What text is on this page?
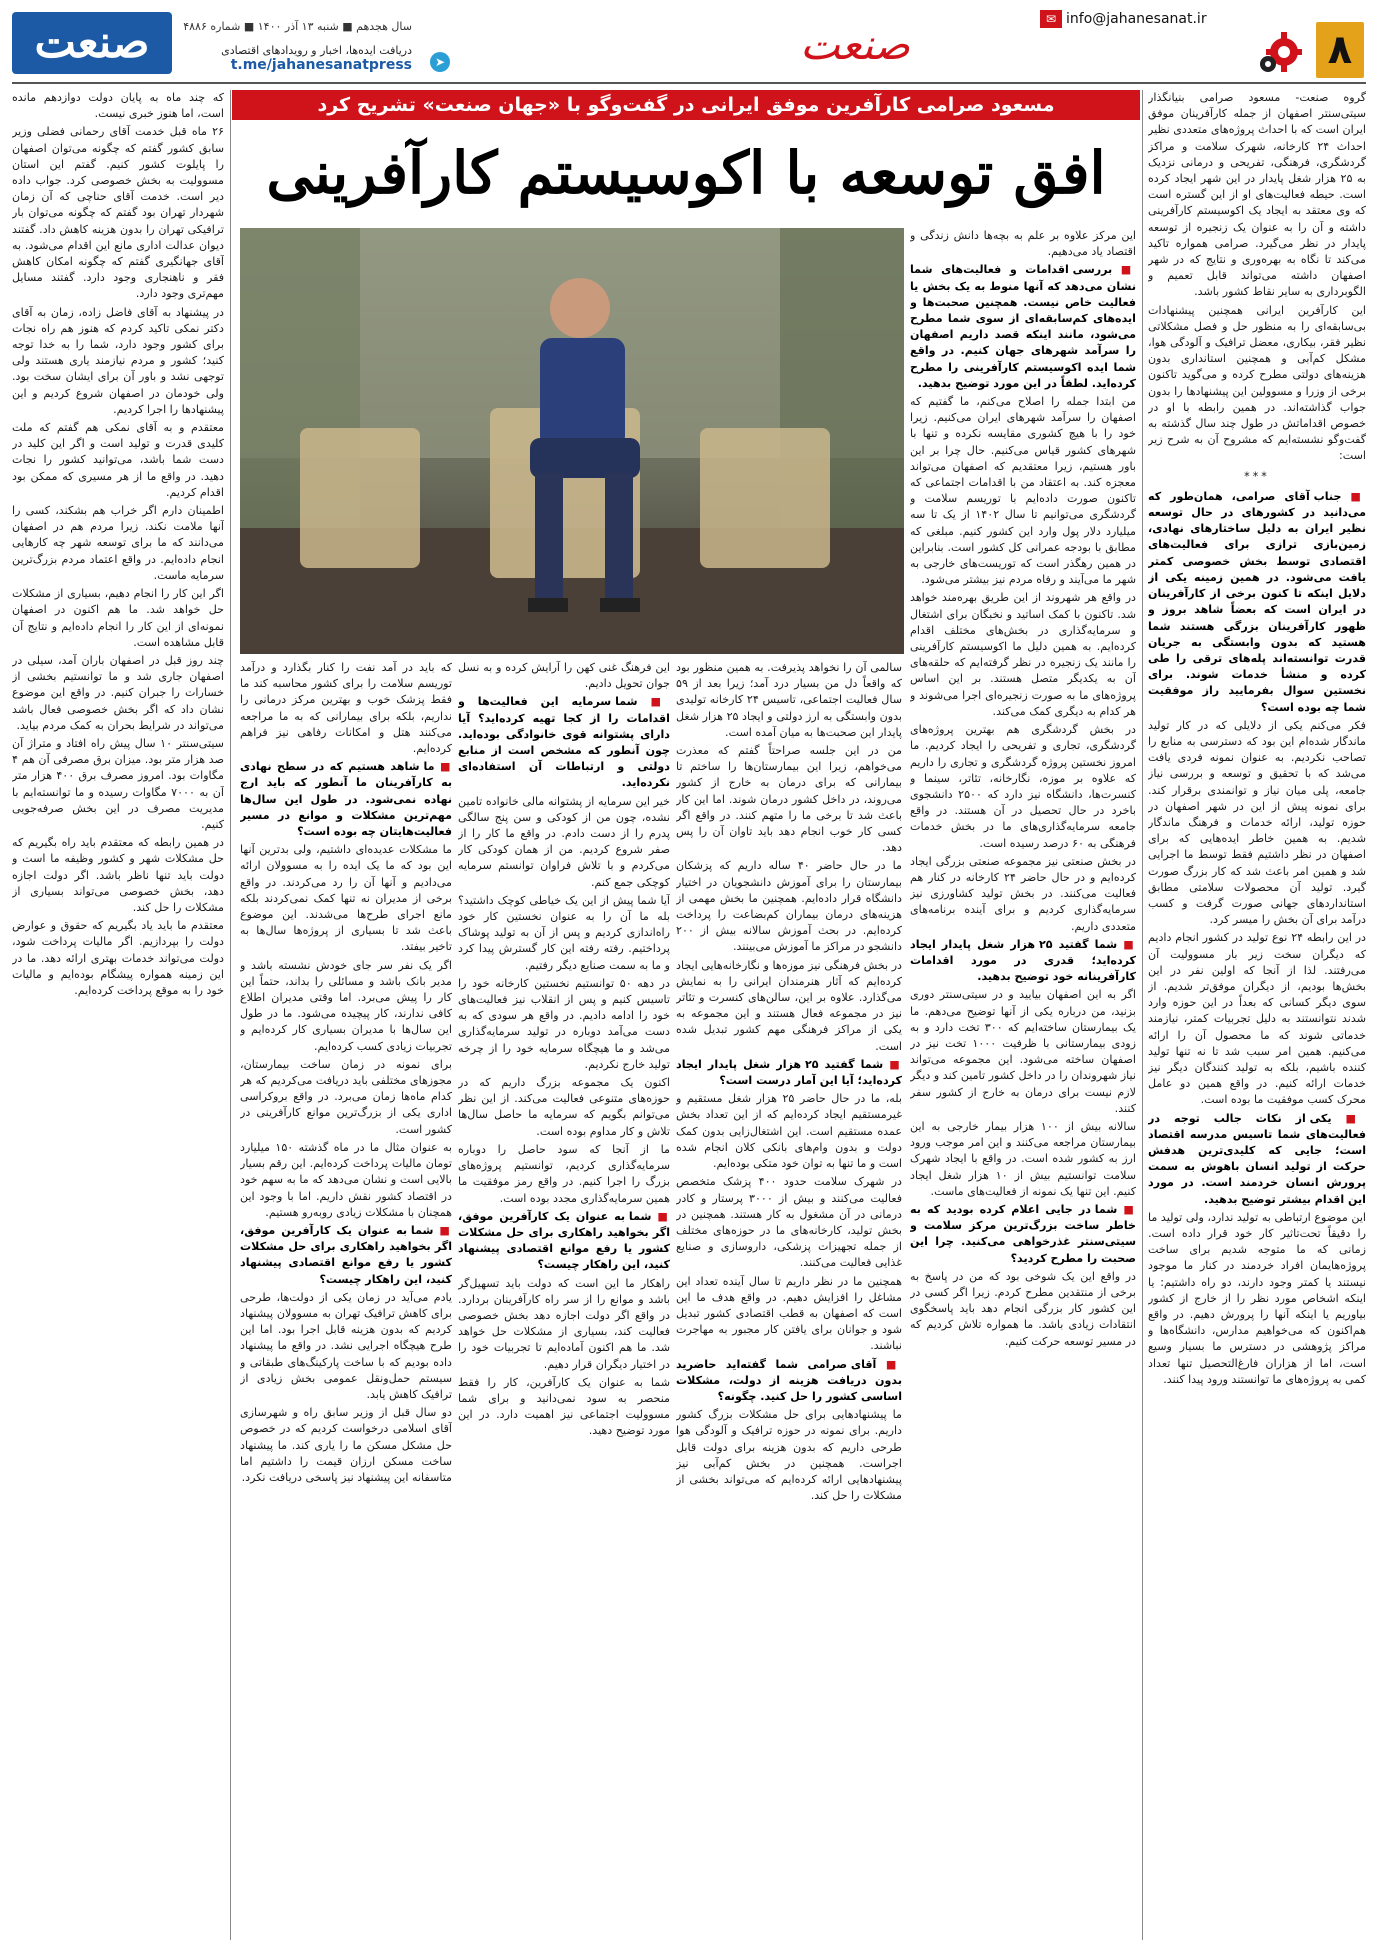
۸
صنعت
✉ info@jahanesanat.ir
صنعت	سال هجدهم ■ شنبه ۱۳ آذر ۱۴۰۰ ■ شماره ۴۸۸۶
دریافت ایده‌ها، اخبار و رویدادهای اقتصادی
t.me/jahanesanatpress	➤
مسعود صرامی کارآفرین موفق ایرانی در گفت‌وگو با «جهان صنعت» تشریح کرد
افق توسعه با اکوسیستم کارآفرینی

گروه صنعت- مسعود صرامی بنیانگذار سیتی‌سنتر اصفهان از جمله کارآفرینان موفق ایران است که با احداث پروژه‌های متعددی نظیر احداث ۲۴ کارخانه، شهرک سلامت و مراکز گردشگری، فرهنگی، تفریحی و درمانی نزدیک به ۲۵ هزار شغل پایدار در این شهر ایجاد کرده است. حیطه فعالیت‌های او از این گستره است که وی معتقد به ایجاد یک اکوسیستم کارآفرینی داشته و آن را به عنوان یک زنجیره از توسعه پایدار در نظر می‌گیرد. صرامی همواره تاکید می‌کند تا نگاه به بهره‌وری و نتایج که در شهر اصفهان داشته می‌تواند قابل تعمیم و الگوبرداری به سایر نقاط کشور باشد.

این کارآفرین ایرانی همچنین پیشنهادات بی‌سابقه‌ای را به منظور حل و فصل مشکلاتی نظیر فقر، بیکاری، معضل ترافیک و آلودگی هوا، مشکل کم‌آبی و همچنین استانداری بدون هزینه‌های دولتی مطرح کرده و می‌گوید تاکنون برخی از وزرا و مسوولین این پیشنهادها را بدون جواب گذاشته‌اند. در همین رابطه با او در خصوص اقداماتش در طول چند سال گذشته به گفت‌وگو نشسته‌ایم که مشروح آن به شرح زیر است:

***

■ جناب آقای صرامی، همان‌طور که می‌دانید در کشورهای در حال توسعه نظیر ایران به دلیل ساختارهای نهادی، زمین‌بازی ترازی برای فعالیت‌های اقتصادی توسط بخش خصوصی کمتر یافت می‌شود. در همین زمینه یکی از دلایل اینکه تا کنون برخی از کارآفرینان در ایران است که بعضاً شاهد بروز و ظهور کارآفرینان بزرگی هستند شما هستید که بدون وابستگی به جریان قدرت توانسته‌اند پله‌های ترقی را طی کرده و منشأ خدمات شوند. برای نخستین سوال بفرمایید راز موفقیت شما چه بوده است؟

فکر می‌کنم یکی از دلایلی که در کار تولید ماندگار شده‌ام این بود که دسترسی به منابع را تصاحب نکردیم. به عنوان نمونه فردی یافت می‌شد که با تحقیق و توسعه و بررسی نیاز جامعه، پلی میان نیاز و توانمندی برقرار کند. برای نمونه پیش از این در شهر اصفهان در حوزه تولید، ارائه خدمات و فرهنگ ماندگار شدیم. به همین خاطر ایده‌هایی که برای اصفهان در نظر داشتیم فقط توسط ما اجرایی شد و همین امر باعث شد که کار بزرگ صورت گیرد. تولید آن محصولات سلامتی مطابق استانداردهای جهانی صورت گرفت و کسب درآمد برای آن بخش را میسر کرد.

در این رابطه ۲۴ نوع تولید در کشور انجام دادیم که دیگران سخت زیر بار مسوولیت آن می‌رفتند. لذا از آنجا که اولین نفر در این بخش‌ها بودیم، از دیگران موفق‌تر شدیم. از سوی دیگر کسانی که بعداً در این حوزه وارد شدند نتوانستند به دلیل تجربیات کمتر، نیازمند خدماتی شوند که ما محصول آن را ارائه می‌کنیم. همین امر سبب شد تا نه تنها تولید کننده باشیم، بلکه به تولید کنندگان دیگر نیز خدمات ارائه کنیم. در واقع همین دو عامل محرک کسب موفقیت ما بوده است.

■ یکی از نکات جالب توجه در فعالیت‌های شما تاسیس مدرسه اقتصاد است؛ جایی که کلیدی‌ترین هدفش حرکت از تولید انسان باهوش به سمت پرورش انسان خردمند است. در مورد این اقدام بیشتر توضیح بدهید.

این موضوع ارتباطی به تولید ندارد، ولی تولید ما را دقیقاً تحت‌تاثیر کار خود قرار داده است. زمانی که ما متوجه شدیم برای ساخت پروژه‌هایمان افراد خردمند در کنار ما موجود نیستند یا کمتر وجود دارند، دو راه داشتیم: یا اینکه اشخاص مورد نظر را از خارج از کشور بیاوریم یا اینکه آنها را پرورش دهیم. در واقع هم‌اکنون که می‌خواهیم مدارس، دانشگاه‌ها و مراکز پژوهشی در دسترس ما بسیار وسیع است، اما از هزاران فارغ‌التحصیل تنها تعداد کمی به پروژه‌های ما توانستند ورود پیدا کنند.

این مرکز علاوه بر علم به بچه‌ها دانش زندگی و اقتصاد یاد می‌دهیم.

■ بررسی اقدامات و فعالیت‌های شما نشان می‌دهد که آنها منوط به یک بخش یا فعالیت خاص نیست. همچنین صحبت‌ها و ایده‌های کم‌سابقه‌ای از سوی شما مطرح می‌شود، مانند اینکه قصد داریم اصفهان را سرآمد شهرهای جهان کنیم. در واقع شما ایده اکوسیستم کارآفرینی را مطرح کرده‌اید. لطفاً در این مورد توضیح بدهید.

من ابتدا جمله را اصلاح می‌کنم، ما گفتیم که اصفهان را سرآمد شهرهای ایران می‌کنیم. زیرا خود را با هیچ کشوری مقایسه نکرده و تنها با شهرهای کشور قیاس می‌کنیم. حال چرا بر این باور هستیم، زیرا معتقدیم که اصفهان می‌تواند معجزه کند. به اعتقاد من با اقدامات اجتماعی که تاکنون صورت داده‌ایم با توریسم سلامت و گردشگری می‌توانیم تا سال ۱۴۰۲ از یک تا سه میلیارد دلار پول وارد این کشور کنیم. مبلغی که مطابق با بودجه عمرانی کل کشور است. بنابراین در همین رهگذر است که توریست‌های خارجی به شهر ما می‌آیند و رفاه مردم نیز بیشتر می‌شود.

در واقع هر شهروند از این طریق بهره‌مند خواهد شد. تاکنون با کمک اساتید و نخبگان برای اشتغال و سرمایه‌گذاری در بخش‌های مختلف اقدام کرده‌ایم. به همین دلیل ما اکوسیستم کارآفرینی را مانند یک زنجیره در نظر گرفته‌ایم که حلقه‌های آن به یکدیگر متصل هستند. بر این اساس پروژه‌های ما به صورت زنجیره‌ای اجرا می‌شوند و هر کدام به دیگری کمک می‌کند.

در بخش گردشگری هم بهترین پروژه‌های گردشگری، تجاری و تفریحی را ایجاد کردیم. ما امروز نخستین پروژه گردشگری و تجاری را داریم که علاوه بر موزه، نگارخانه، تئاتر، سینما و کنسرت‌ها، دانشگاه نیز دارد که ۲۵۰۰ دانشجوی باخرد در حال تحصیل در آن هستند. در واقع جامعه سرمایه‌گذاری‌های ما در بخش خدمات فرهنگی به ۶۰ درصد رسیده است.

در بخش صنعتی نیز مجموعه صنعتی بزرگی ایجاد کرده‌ایم و در حال حاضر ۲۴ کارخانه در کنار هم فعالیت می‌کنند. در بخش تولید کشاورزی نیز سرمایه‌گذاری کردیم و برای آینده برنامه‌های متعددی داریم.

■ شما گفتید ۲۵ هزار شغل پایدار ایجاد کرده‌اید؛ قدری در مورد اقدامات کارآفرینانه خود توضیح بدهید.

اگر به این اصفهان بیایید و در سیتی‌سنتر دوری بزنید، من درباره یکی از آنها توضیح می‌دهم. ما یک بیمارستان ساخته‌ایم که ۳۰۰ تخت دارد و به زودی بیمارستانی با ظرفیت ۱۰۰۰ تخت نیز در اصفهان ساخته می‌شود. این مجموعه می‌تواند نیاز شهروندان را در داخل کشور تامین کند و دیگر لازم نیست برای درمان به خارج از کشور سفر کنند.

سالانه بیش از ۱۰۰ هزار بیمار خارجی به این بیمارستان مراجعه می‌کنند و این امر موجب ورود ارز به کشور شده است. در واقع با ایجاد شهرک سلامت توانستیم بیش از ۱۰ هزار شغل ایجاد کنیم. این تنها یک نمونه از فعالیت‌های ماست.

■ شما در جایی اعلام کرده بودید که به خاطر ساخت بزرگ‌ترین مرکز سلامت و سیتی‌سنتر غذرخواهی می‌کنید. چرا این صحبت را مطرح کردید؟

در واقع این یک شوخی بود که من در پاسخ به برخی از منتقدین مطرح کردم. زیرا اگر کسی در این کشور کار بزرگی انجام دهد باید پاسخگوی انتقادات زیادی باشد. ما همواره تلاش کردیم که در مسیر توسعه حرکت کنیم.

سالمی آن را نخواهد پذیرفت. به همین منظور بود که واقعاً دل من بسیار درد آمد؛ زیرا بعد از ۵۹ سال فعالیت اجتماعی، تاسیس ۲۴ کارخانه تولیدی بدون وابستگی به ارز دولتی و ایجاد ۲۵ هزار شغل پایدار این صحبت‌ها به میان آمده است.

من در این جلسه صراحتاً گفتم که معذرت می‌خواهم، زیرا این بیمارستان‌ها را ساختم تا بیمارانی که برای درمان به خارج از کشور می‌روند، در داخل کشور درمان شوند. اما این کار باعث شد تا برخی ما را متهم کنند. در واقع اگر کسی کار خوب انجام دهد باید تاوان آن را پس دهد.

ما در حال حاضر ۴۰ ساله داریم که پزشکان بیمارستان را برای آموزش دانشجویان در اختیار دانشگاه قرار داده‌ایم. همچنین ما بخش مهمی از هزینه‌های درمان بیماران کم‌بضاعت را پرداخت کرده‌ایم. در بحث آموزش سالانه بیش از ۲۰۰ دانشجو در مراکز ما آموزش می‌بینند.

در بخش فرهنگی نیز موزه‌ها و نگارخانه‌هایی ایجاد کرده‌ایم که آثار هنرمندان ایرانی را به نمایش می‌گذارد. علاوه بر این، سالن‌های کنسرت و تئاتر نیز در مجموعه فعال هستند و این مجموعه به یکی از مراکز فرهنگی مهم کشور تبدیل شده است.

■ شما گفتید ۲۵ هزار شغل پایدار ایجاد کرده‌اید؛ آیا این آمار درست است؟

بله، ما در حال حاضر ۲۵ هزار شغل مستقیم و غیرمستقیم ایجاد کرده‌ایم که از این تعداد بخش عمده مستقیم است. این اشتغال‌زایی بدون کمک دولت و بدون وام‌های بانکی کلان انجام شده است و ما تنها به توان خود متکی بوده‌ایم.

در شهرک سلامت حدود ۴۰۰ پزشک متخصص فعالیت می‌کنند و بیش از ۳۰۰۰ پرستار و کادر درمانی در آن مشغول به کار هستند. همچنین در بخش تولید، کارخانه‌های ما در حوزه‌های مختلف از جمله تجهیزات پزشکی، داروسازی و صنایع غذایی فعالیت می‌کنند.

همچنین ما در نظر داریم تا سال آینده تعداد این مشاغل را افزایش دهیم. در واقع هدف ما این است که اصفهان به قطب اقتصادی کشور تبدیل شود و جوانان برای یافتن کار مجبور به مهاجرت نباشند.

■ آقای صرامی شما گفته‌اید حاضرید بدون دریافت هزینه از دولت، مشکلات اساسی کشور را حل کنید. چگونه؟

ما پیشنهادهایی برای حل مشکلات بزرگ کشور داریم. برای نمونه در حوزه ترافیک و آلودگی هوا طرحی داریم که بدون هزینه برای دولت قابل اجراست. همچنین در بخش کم‌آبی نیز پیشنهادهایی ارائه کرده‌ایم که می‌تواند بخشی از مشکلات را حل کند.

این فرهنگ غنی کهن را آرایش کرده و به نسل جوان تحویل دادیم.

■ شما سرمایه این فعالیت‌ها و اقدامات را از کجا تهیه کرده‌اید؟ آیا دارای پشتوانه قوی خانوادگی بوده‌اید. چون آنطور که مشخص است از منابع دولتی و ارتباطات آن استفاده‌ای نکرده‌اید.

خیر این سرمایه از پشتوانه مالی خانواده تامین نشده، چون من از کودکی و سن پنج سالگی پدرم را از دست دادم. در واقع ما کار را از صفر شروع کردیم. من از همان کودکی کار می‌کردم و با تلاش فراوان توانستم سرمایه کوچکی جمع کنم.

آیا شما پیش از این یک خیاطی کوچک داشتید؟ بله ما آن را به عنوان نخستین کار خود راه‌اندازی کردیم و پس از آن به تولید پوشاک پرداختیم. رفته رفته این کار گسترش پیدا کرد و ما به سمت صنایع دیگر رفتیم.

در دهه ۵۰ توانستیم نخستین کارخانه خود را تاسیس کنیم و پس از انقلاب نیز فعالیت‌های خود را ادامه دادیم. در واقع هر سودی که به دست می‌آمد دوباره در تولید سرمایه‌گذاری می‌شد و ما هیچگاه سرمایه خود را از چرخه تولید خارج نکردیم.

اکنون یک مجموعه بزرگ داریم که در حوزه‌های متنوعی فعالیت می‌کند. از این نظر می‌توانم بگویم که سرمایه ما حاصل سال‌ها تلاش و کار مداوم بوده است.

ما از آنجا که سود حاصل را دوباره سرمایه‌گذاری کردیم، توانستیم پروژه‌های بزرگ را اجرا کنیم. در واقع رمز موفقیت ما همین سرمایه‌گذاری مجدد بوده است.

■ شما به عنوان یک کارآفرین موفق، اگر بخواهید راهکاری برای حل مشکلات کشور یا رفع موانع اقتصادی پیشنهاد کنید، این راهکار چیست؟

راهکار ما این است که دولت باید تسهیل‌گر باشد و موانع را از سر راه کارآفرینان بردارد. در واقع اگر دولت اجازه دهد بخش خصوصی فعالیت کند، بسیاری از مشکلات حل خواهد شد. ما هم اکنون آماده‌ایم تا تجربیات خود را در اختیار دیگران قرار دهیم.

شما به عنوان یک کارآفرین، کار را فقط منحصر به سود نمی‌دانید و برای شما مسوولیت اجتماعی نیز اهمیت دارد. در این مورد توضیح دهید.

که باید در آمد نفت را کنار بگذارد و درآمد توریسم سلامت را برای کشور محاسبه کند ما فقط پزشک خوب و بهترین مرکز درمانی را نداریم، بلکه برای بیمارانی که به ما مراجعه می‌کنند هتل و امکانات رفاهی نیز فراهم کرده‌ایم.

■ ما شاهد هستیم که در سطح نهادی به کارآفرینان ما آنطور که باید ارج نهاده نمی‌شود. در طول این سال‌ها مهم‌ترین مشکلات و موانع در مسیر فعالیت‌هایتان چه بوده است؟

ما مشکلات عدیده‌ای داشتیم، ولی بدترین آنها این بود که ما یک ایده را به مسوولان ارائه می‌دادیم و آنها آن را رد می‌کردند. در واقع برخی از مدیران نه تنها کمک نمی‌کردند بلکه مانع اجرای طرح‌ها می‌شدند. این موضوع باعث شد تا بسیاری از پروژه‌ها سال‌ها به تاخیر بیفتد.

اگر یک نفر سر جای خودش نشسته باشد و مدیر بانک باشد و مسائلی را بداند، حتماً این کار را پیش می‌برد. اما وقتی مدیران اطلاع کافی ندارند، کار پیچیده می‌شود. ما در طول این سال‌ها با مدیران بسیاری کار کرده‌ایم و تجربیات زیادی کسب کرده‌ایم.

برای نمونه در زمان ساخت بیمارستان، مجوزهای مختلفی باید دریافت می‌کردیم که هر کدام ماه‌ها زمان می‌برد. در واقع بروکراسی اداری یکی از بزرگ‌ترین موانع کارآفرینی در کشور است.

به عنوان مثال ما در ماه گذشته ۱۵۰ میلیارد تومان مالیات پرداخت کرده‌ایم. این رقم بسیار بالایی است و نشان می‌دهد که ما به سهم خود در اقتصاد کشور نقش داریم. اما با وجود این همچنان با مشکلات زیادی روبه‌رو هستیم.

■ شما به عنوان یک کارآفرین موفق، اگر بخواهید راهکاری برای حل مشکلات کشور یا رفع موانع اقتصادی پیشنهاد کنید، این راهکار چیست؟

یادم می‌آید در زمان یکی از دولت‌ها، طرحی برای کاهش ترافیک تهران به مسوولان پیشنهاد کردیم که بدون هزینه قابل اجرا بود. اما این طرح هیچگاه اجرایی نشد. در واقع ما پیشنهاد داده بودیم که با ساخت پارکینگ‌های طبقاتی و سیستم حمل‌ونقل عمومی بخش زیادی از ترافیک کاهش یابد.

دو سال قبل از وزیر سابق راه و شهرسازی آقای اسلامی درخواست کردیم که در خصوص حل مشکل مسکن ما را یاری کند. ما پیشنهاد ساخت مسکن ارزان قیمت را داشتیم اما متاسفانه این پیشنهاد نیز پاسخی دریافت نکرد.

که چند ماه به پایان دولت دوازدهم مانده است، اما هنوز خبری نیست.

۲۶ ماه قبل خدمت آقای رحمانی فضلی وزیر سابق کشور گفتم که چگونه می‌توان اصفهان را پایلوت کشور کنیم. گفتم این استان مسوولیت به بخش خصوصی کرد. جواب داده دیر است. خدمت آقای حناچی که آن زمان شهردار تهران بود گفتم که چگونه می‌توان بار ترافیکی تهران را بدون هزینه کاهش داد. گفتند دیوان عدالت اداری مانع این اقدام می‌شود. به آقای جهانگیری گفتم که چگونه امکان کاهش فقر و ناهنجاری وجود دارد. گفتند مسایل مهم‌تری وجود دارد.

در پیشنهاد به آقای فاضل زاده، زمان به آقای دکتر نمکی تاکید کردم که هنوز هم راه نجات برای کشور وجود دارد، شما را به خدا توجه کنید؛ کشور و مردم نیازمند یاری هستند ولی توجهی نشد و باور آن برای ایشان سخت بود. ولی خودمان در اصفهان شروع کردیم و این پیشنهادها را اجرا کردیم.

معتقدم و به آقای نمکی هم گفتم که ملت کلیدی قدرت و تولید است و اگر این کلید در دست شما باشد، می‌توانید کشور را نجات دهید. در واقع ما از هر مسیری که ممکن بود اقدام کردیم.

اطمینان دارم اگر خراب هم بشکند، کسی را آنها ملامت نکند. زیرا مردم هم در اصفهان می‌دانند که ما برای توسعه شهر چه کارهایی انجام داده‌ایم. در واقع اعتماد مردم بزرگ‌ترین سرمایه ماست.

اگر این کار را انجام دهیم، بسیاری از مشکلات حل خواهد شد. ما هم اکنون در اصفهان نمونه‌ای از این کار را انجام داده‌ایم و نتایج آن قابل مشاهده است.

چند روز قبل در اصفهان باران آمد، سیلی در اصفهان جاری شد و ما توانستیم بخشی از خسارات را جبران کنیم. در واقع این موضوع نشان داد که اگر بخش خصوصی فعال باشد می‌تواند در شرایط بحران به کمک مردم بیاید.

سیتی‌سنتر ۱۰ سال پیش راه افتاد و متراژ آن صد هزار متر بود. میزان برق مصرفی آن هم ۴ مگاوات بود. امروز مصرف برق ۴۰۰ هزار متر آن به ۷۰۰۰ مگاوات رسیده و ما توانسته‌ایم با مدیریت مصرف در این بخش صرفه‌جویی کنیم.

در همین رابطه که معتقدم باید راه بگیریم که حل مشکلات شهر و کشور وظیفه ما است و دولت باید تنها ناظر باشد. اگر دولت اجازه دهد، بخش خصوصی می‌تواند بسیاری از مشکلات را حل کند.

معتقدم ما باید یاد بگیریم که حقوق و عوارض دولت را بپردازیم. اگر مالیات پرداخت شود، دولت می‌تواند خدمات بهتری ارائه دهد. ما در این زمینه همواره پیشگام بوده‌ایم و مالیات خود را به موقع پرداخت کرده‌ایم.
